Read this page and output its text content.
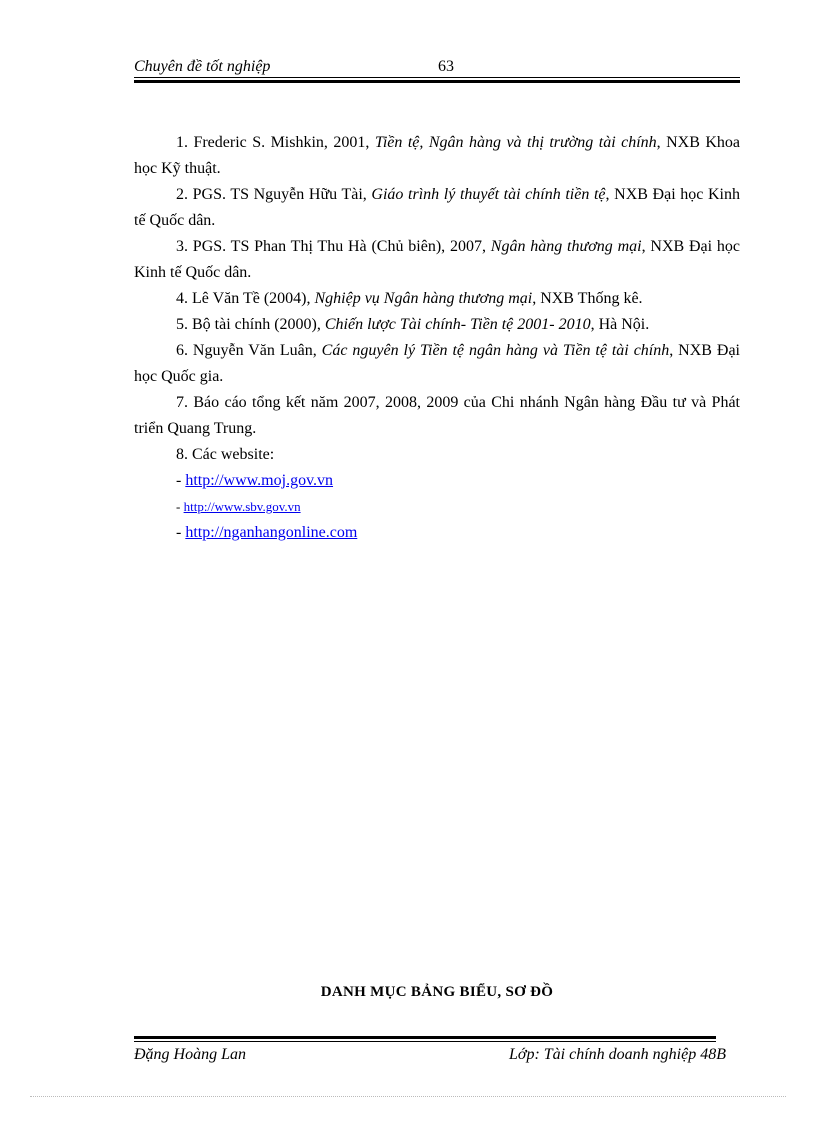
Chuyên đề tốt nghiệp	63

1. Frederic S. Mishkin, 2001, Tiền tệ, Ngân hàng và thị trường tài chính, NXB Khoa học Kỹ thuật.

2. PGS. TS Nguyễn Hữu Tài, Giáo trình lý thuyết tài chính tiền tệ, NXB Đại học Kinh tế Quốc dân.

3. PGS. TS Phan Thị Thu Hà (Chủ biên), 2007, Ngân hàng thương mại, NXB Đại học Kinh tế Quốc dân.

4. Lê Văn Tề (2004), Nghiệp vụ Ngân hàng thương mại, NXB Thống kê.

5. Bộ tài chính (2000), Chiến lược Tài chính- Tiền tệ 2001- 2010, Hà Nội.

6. Nguyễn Văn Luân, Các nguyên lý Tiền tệ ngân hàng và Tiền tệ tài chính, NXB Đại học Quốc gia.

7. Báo cáo tổng kết năm 2007, 2008, 2009 của Chi nhánh Ngân hàng Đầu tư và Phát triển Quang Trung.

8. Các website:

- http://www.moj.gov.vn

- http://www.sbv.gov.vn

- http://nganhangonline.com

DANH MỤC BẢNG BIỂU, SƠ ĐỒ
Đặng Hoàng Lan	Lớp: Tài chính doanh nghiệp 48B
